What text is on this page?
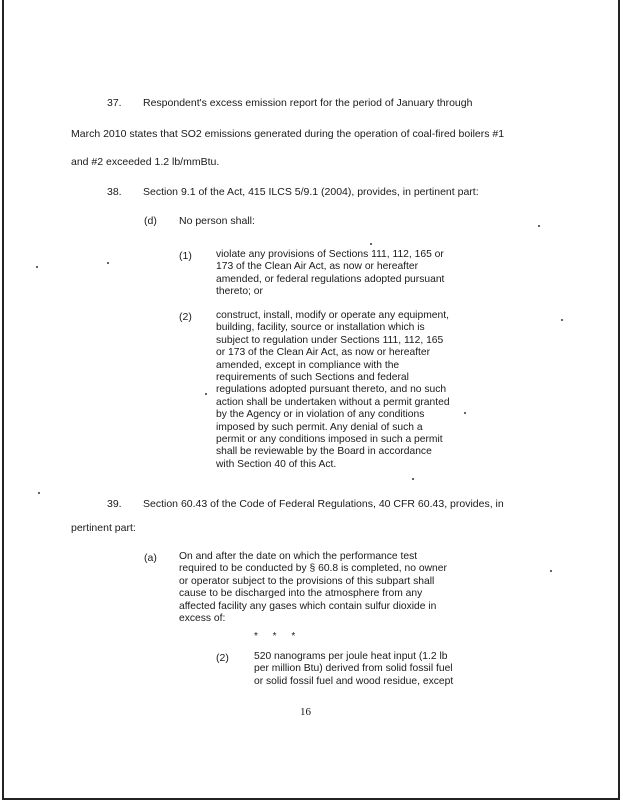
37. Respondent's excess emission report for the period of January through
March 2010 states that SO2 emissions generated during the operation of coal-fired boilers #1
and #2 exceeded 1.2 lb/mmBtu.
38. Section 9.1 of the Act, 415 ILCS 5/9.1 (2004), provides, in pertinent part:
(d) No person shall:
(1) violate any provisions of Sections 111, 112, 165 or
173 of the Clean Air Act, as now or hereafter
amended, or federal regulations adopted pursuant
thereto; or
(2) construct, install, modify or operate any equipment,
building, facility, source or installation which is
subject to regulation under Sections 111, 112, 165
or 173 of the Clean Air Act, as now or hereafter
amended, except in compliance with the
requirements of such Sections and federal
regulations adopted pursuant thereto, and no such
action shall be undertaken without a permit granted
by the Agency or in violation of any conditions
imposed by such permit. Any denial of such a
permit or any conditions imposed in such a permit
shall be reviewable by the Board in accordance
with Section 40 of this Act.
39. Section 60.43 of the Code of Federal Regulations, 40 CFR 60.43, provides, in
pertinent part:
(a) On and after the date on which the performance test
required to be conducted by § 60.8 is completed, no owner
or operator subject to the provisions of this subpart shall
cause to be discharged into the atmosphere from any
affected facility any gases which contain sulfur dioxide in
excess of:
* * *
(2) 520 nanograms per joule heat input (1.2 lb
per million Btu) derived from solid fossil fuel
or solid fossil fuel and wood residue, except
16
